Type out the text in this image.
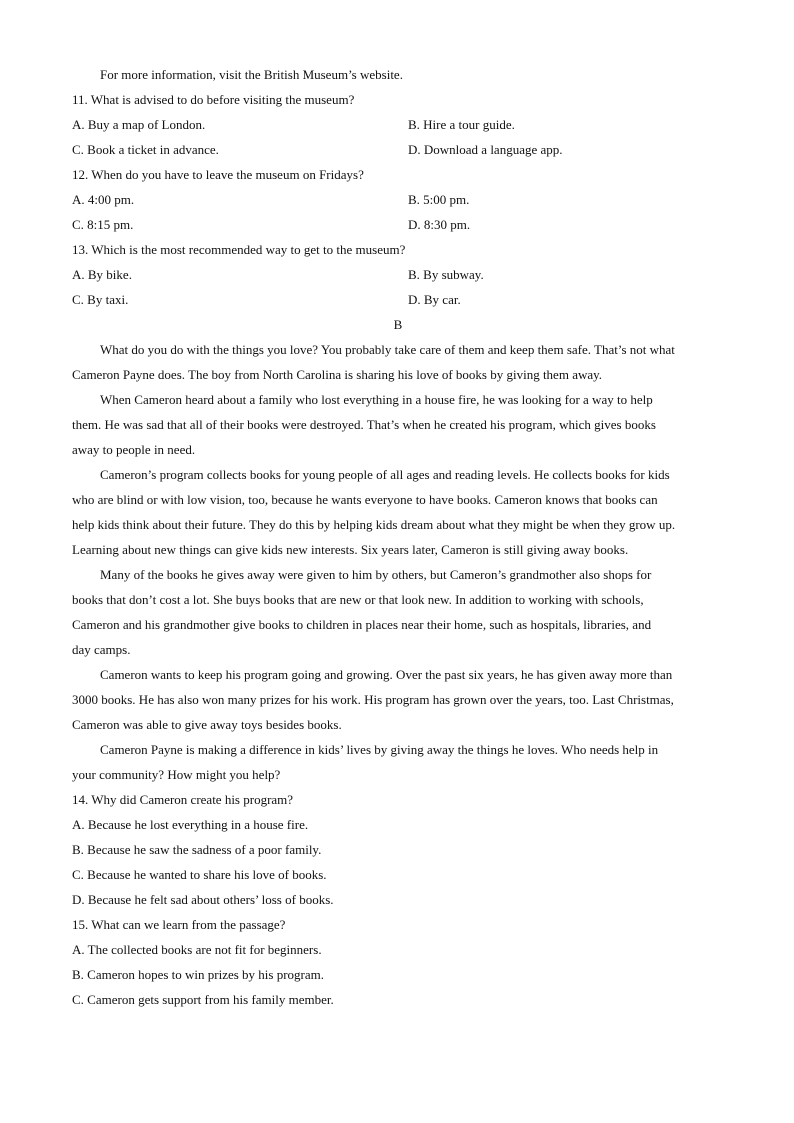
For more information, visit the British Museum’s website.
11. What is advised to do before visiting the museum?
A. Buy a map of London.	B. Hire a tour guide.
C. Book a ticket in advance.	D. Download a language app.
12. When do you have to leave the museum on Fridays?
A. 4:00 pm.	B. 5:00 pm.
C. 8:15 pm.	D. 8:30 pm.
13. Which is the most recommended way to get to the museum?
A. By bike.	B. By subway.
C. By taxi.	D. By car.
B
What do you do with the things you love? You probably take care of them and keep them safe. That’s not what
Cameron Payne does. The boy from North Carolina is sharing his love of books by giving them away.
When Cameron heard about a family who lost everything in a house fire, he was looking for a way to help
them. He was sad that all of their books were destroyed. That’s when he created his program, which gives books
away to people in need.
Cameron’s program collects books for young people of all ages and reading levels. He collects books for kids
who are blind or with low vision, too, because he wants everyone to have books. Cameron knows that books can
help kids think about their future. They do this by helping kids dream about what they might be when they grow up.
Learning about new things can give kids new interests. Six years later, Cameron is still giving away books.
Many of the books he gives away were given to him by others, but Cameron’s grandmother also shops for
books that don’t cost a lot. She buys books that are new or that look new. In addition to working with schools,
Cameron and his grandmother give books to children in places near their home, such as hospitals, libraries, and
day camps.
Cameron wants to keep his program going and growing. Over the past six years, he has given away more than
3000 books. He has also won many prizes for his work. His program has grown over the years, too. Last Christmas,
Cameron was able to give away toys besides books.
Cameron Payne is making a difference in kids’ lives by giving away the things he loves. Who needs help in
your community? How might you help?
14. Why did Cameron create his program?
A. Because he lost everything in a house fire.
B. Because he saw the sadness of a poor family.
C. Because he wanted to share his love of books.
D. Because he felt sad about others’ loss of books.
15. What can we learn from the passage?
A. The collected books are not fit for beginners.
B. Cameron hopes to win prizes by his program.
C. Cameron gets support from his family member.
